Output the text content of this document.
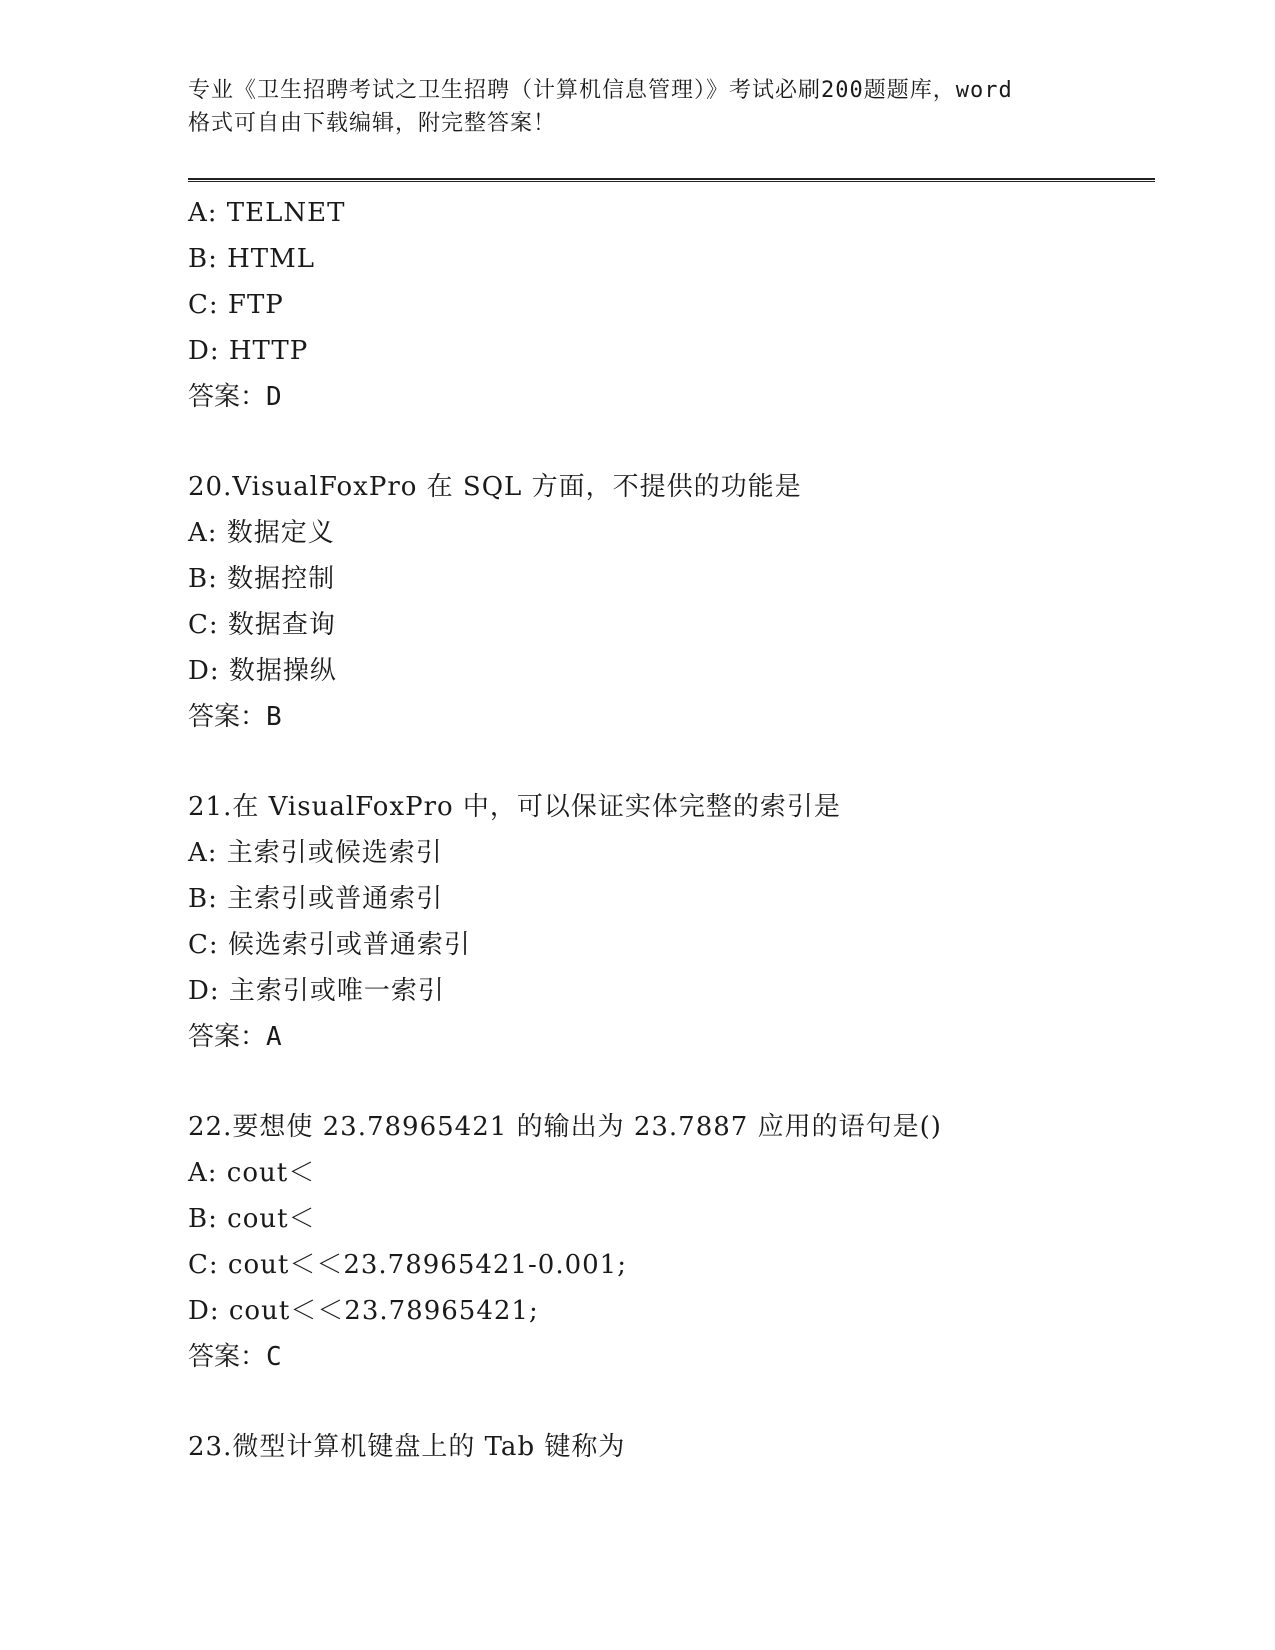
专业《卫生招聘考试之卫生招聘（计算机信息管理）》考试必刷200题题库，word
格式可自由下载编辑，附完整答案！
A: TELNET
B: HTML
C: FTP
D: HTTP
答案：D
20.VisualFoxPro 在 SQL 方面，不提供的功能是
A: 数据定义
B: 数据控制
C: 数据查询
D: 数据操纵
答案：B
21.在 VisualFoxPro 中，可以保证实体完整的索引是
A: 主索引或候选索引
B: 主索引或普通索引
C: 候选索引或普通索引
D: 主索引或唯一索引
答案：A
22.要想使 23.78965421 的输出为 23.7887 应用的语句是()
A: cout＜
B: cout＜
C: cout＜＜23.78965421-0.001;
D: cout＜＜23.78965421;
答案：C
23.微型计算机键盘上的 Tab 键称为
